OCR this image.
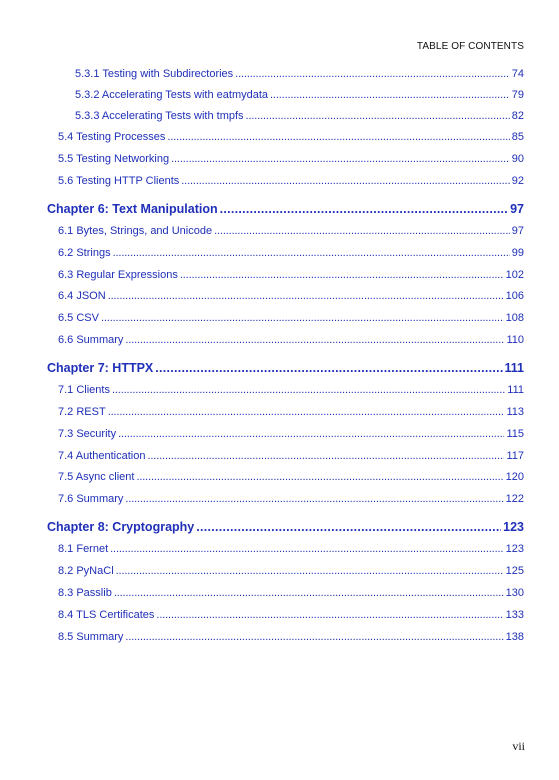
TABLE OF CONTENTS
5.3.1 Testing with Subdirectories . . .	74
5.3.2 Accelerating Tests with eatmydata . . .	79
5.3.3 Accelerating Tests with tmpfs . . .	82
5.4 Testing Processes . . .	85
5.5 Testing Networking . . .	90
5.6 Testing HTTP Clients . . .	92
Chapter 6: Text Manipulation . . .	97
6.1 Bytes, Strings, and Unicode . . .	97
6.2 Strings . . .	99
6.3 Regular Expressions . . .	102
6.4 JSON . . .	106
6.5 CSV . . .	108
6.6 Summary . . .	110
Chapter 7: HTTPX . . .	111
7.1 Clients . . .	111
7.2 REST . . .	113
7.3 Security . . .	115
7.4 Authentication . . .	117
7.5 Async client . . .	120
7.6 Summary . . .	122
Chapter 8: Cryptography . . .	123
8.1 Fernet . . .	123
8.2 PyNaCl . . .	125
8.3 Passlib . . .	130
8.4 TLS Certificates . . .	133
8.5 Summary . . .	138
vii
